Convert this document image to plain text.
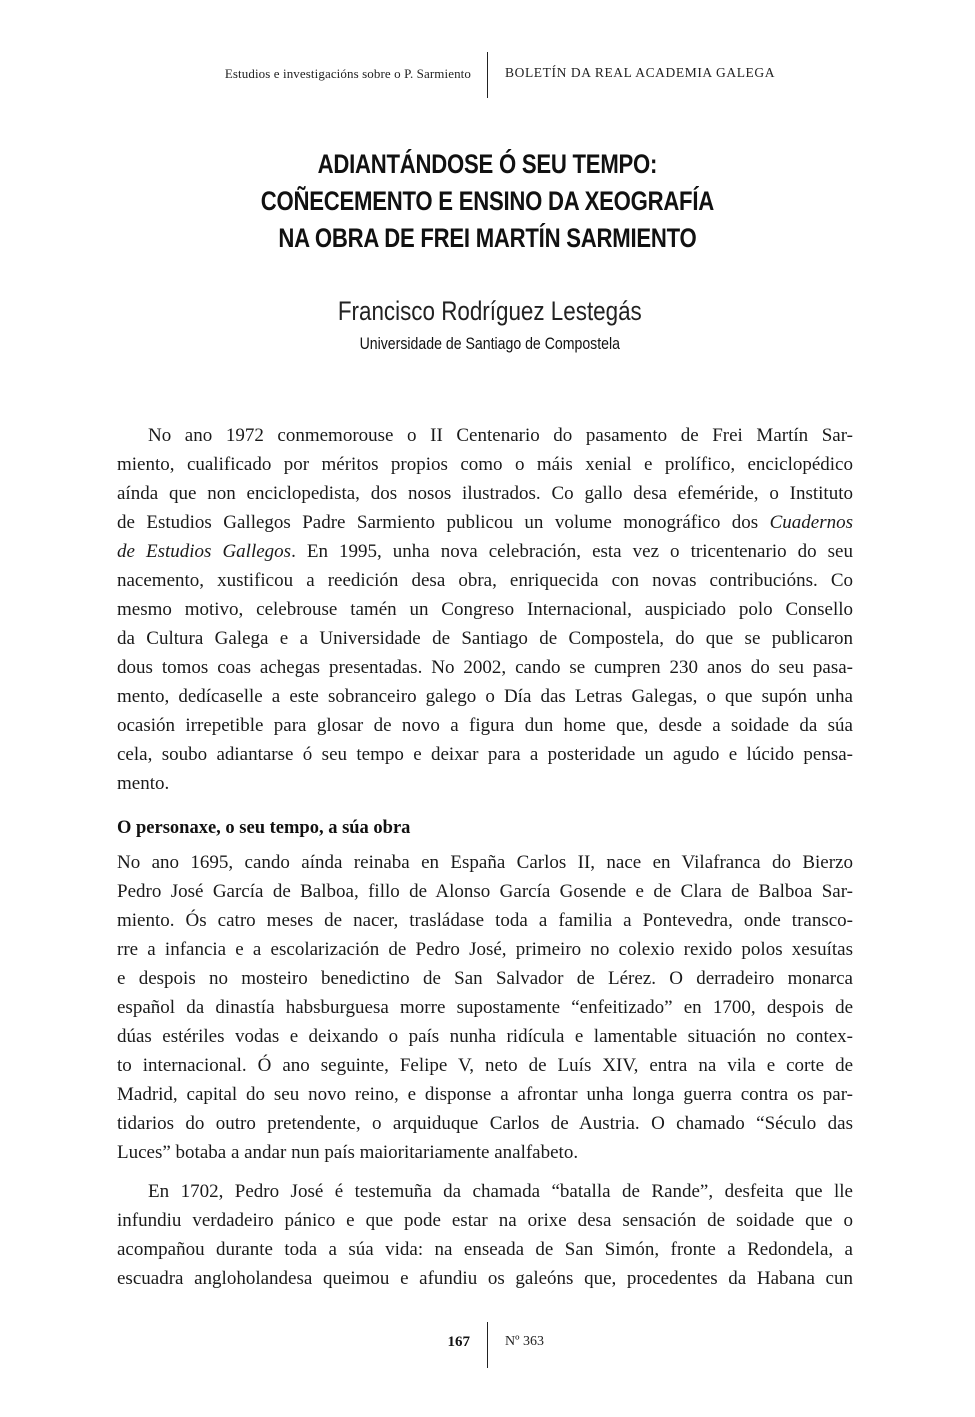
Estudios e investigacións sobre o P. Sarmiento	BOLETÍN DA REAL ACADEMIA GALEGA
ADIANTÁNDOSE Ó SEU TEMPO:
COÑECEMENTO E ENSINO DA XEOGRAFÍA
NA OBRA DE FREI MARTÍN SARMIENTO
Francisco Rodríguez Lestegás
Universidade de Santiago de Compostela
No ano 1972 conmemorouse o II Centenario do pasamento de Frei Martín Sar-
miento, cualificado por méritos propios como o máis xenial e prolífico, enciclopédico
aínda que non enciclopedista, dos nosos ilustrados. Co gallo desa efeméride, o Instituto
de Estudios Gallegos Padre Sarmiento publicou un volume monográfico dos Cuadernos
de Estudios Gallegos. En 1995, unha nova celebración, esta vez o tricentenario do seu
nacemento, xustificou a reedición desa obra, enriquecida con novas contribucións. Co
mesmo motivo, celebrouse tamén un Congreso Internacional, auspiciado polo Consello
da Cultura Galega e a Universidade de Santiago de Compostela, do que se publicaron
dous tomos coas achegas presentadas. No 2002, cando se cumpren 230 anos do seu pasa-
mento, dedícaselle a este sobranceiro galego o Día das Letras Galegas, o que supón unha
ocasión irrepetible para glosar de novo a figura dun home que, desde a soidade da súa
cela, soubo adiantarse ó seu tempo e deixar para a posteridade un agudo e lúcido pensa-
mento.
O personaxe, o seu tempo, a súa obra
No ano 1695, cando aínda reinaba en España Carlos II, nace en Vilafranca do Bierzo
Pedro José García de Balboa, fillo de Alonso García Gosende e de Clara de Balboa Sar-
miento. Ós catro meses de nacer, trasládase toda a familia a Pontevedra, onde transco-
rre a infancia e a escolarización de Pedro José, primeiro no colexio rexido polos xesuítas
e despois no mosteiro benedictino de San Salvador de Lérez. O derradeiro monarca
español da dinastía habsburguesa morre supostamente “enfeitizado” en 1700, despois de
dúas estériles vodas e deixando o país nunha ridícula e lamentable situación no contex-
to internacional. Ó ano seguinte, Felipe V, neto de Luís XIV, entra na vila e corte de
Madrid, capital do seu novo reino, e disponse a afrontar unha longa guerra contra os par-
tidarios do outro pretendente, o arquiduque Carlos de Austria. O chamado “Século das
Luces” botaba a andar nun país maioritariamente analfabeto.
En 1702, Pedro José é testemuña da chamada “batalla de Rande”, desfeita que lle
infundiu verdadeiro pánico e que pode estar na orixe desa sensación de soidade que o
acompañou durante toda a súa vida: na enseada de San Simón, fronte a Redondela, a
escuadra angloholandesa queimou e afundiu os galeóns que, procedentes da Habana cun
167	Nº 363
